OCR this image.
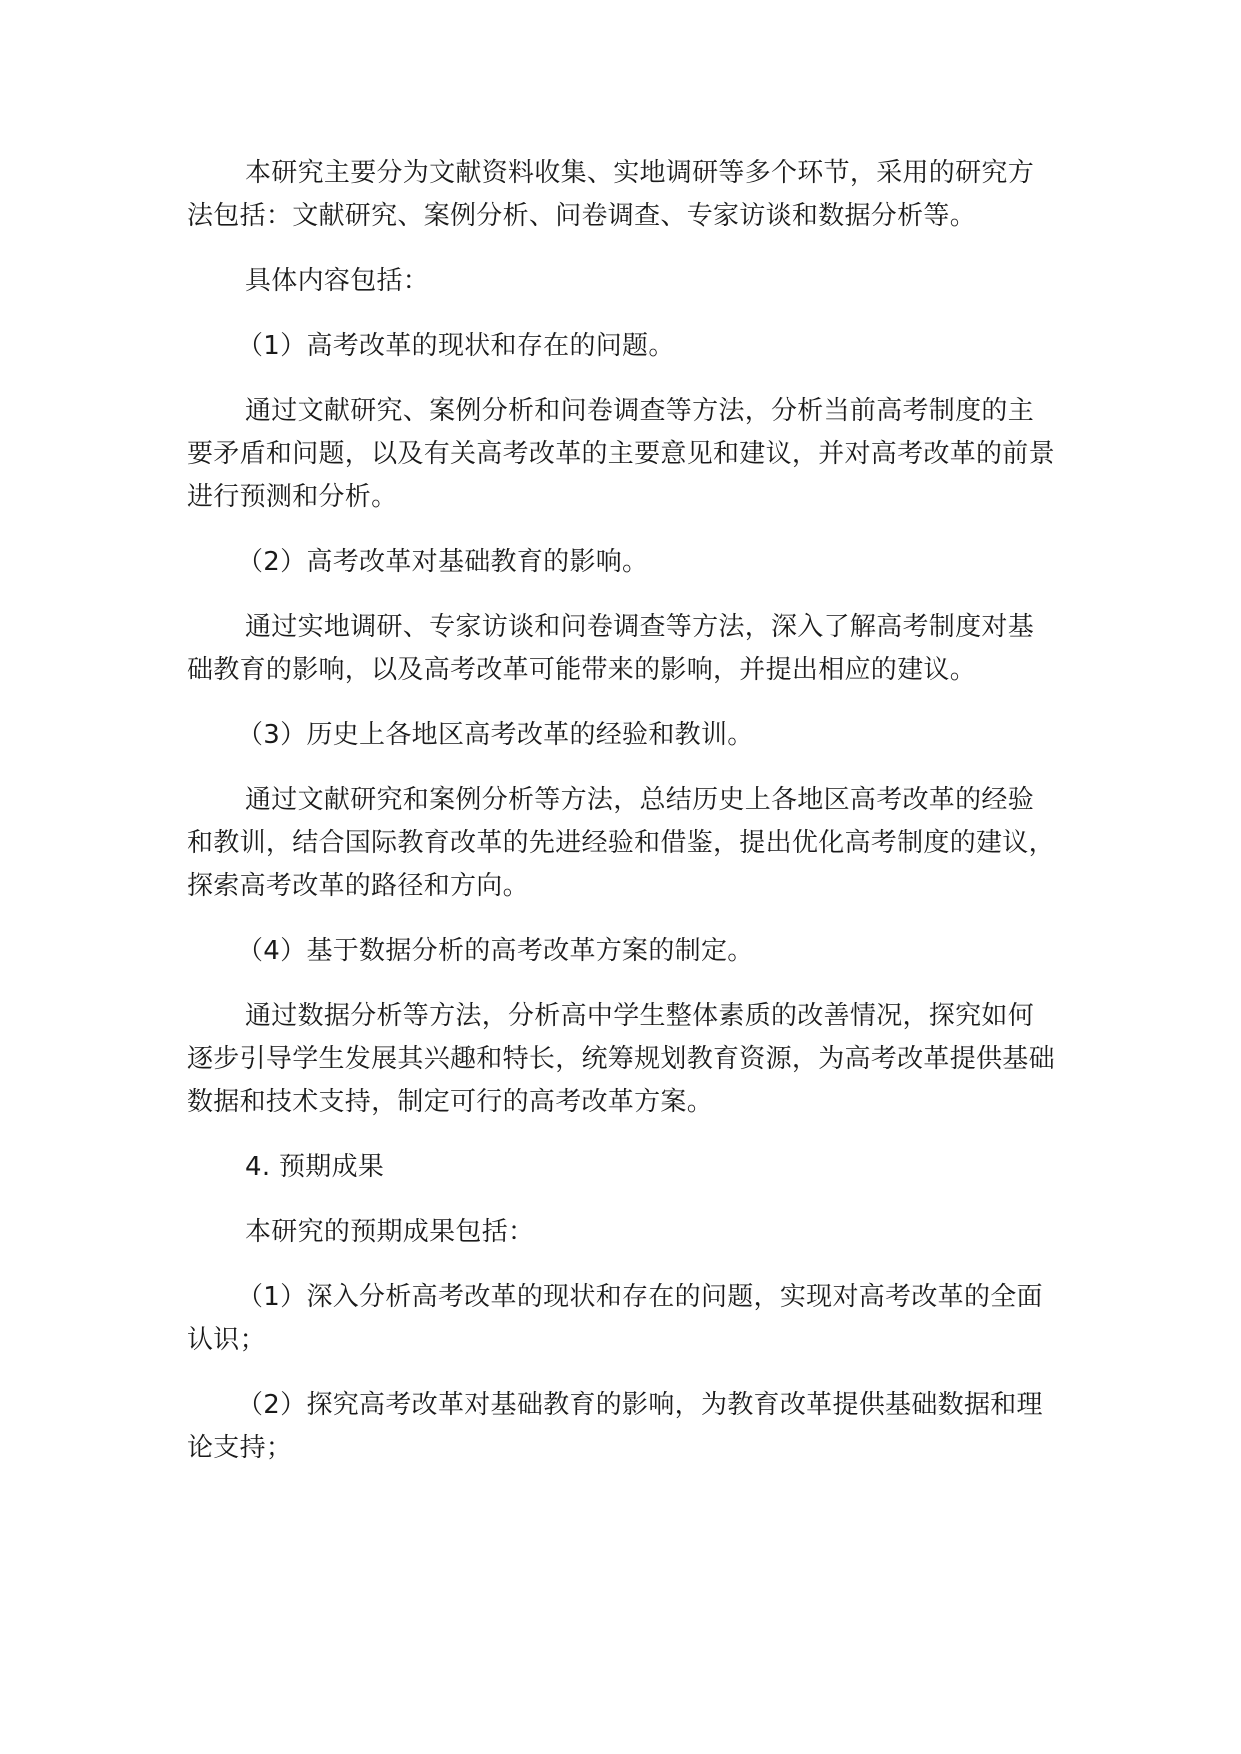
本研究主要分为文献资料收集、实地调研等多个环节，采用的研究方法包括：文献研究、案例分析、问卷调查、专家访谈和数据分析等。

具体内容包括：

（1）高考改革的现状和存在的问题。

通过文献研究、案例分析和问卷调查等方法，分析当前高考制度的主要矛盾和问题，以及有关高考改革的主要意见和建议，并对高考改革的前景进行预测和分析。

（2）高考改革对基础教育的影响。

通过实地调研、专家访谈和问卷调查等方法，深入了解高考制度对基础教育的影响，以及高考改革可能带来的影响，并提出相应的建议。

（3）历史上各地区高考改革的经验和教训。

通过文献研究和案例分析等方法，总结历史上各地区高考改革的经验和教训，结合国际教育改革的先进经验和借鉴，提出优化高考制度的建议，探索高考改革的路径和方向。

（4）基于数据分析的高考改革方案的制定。

通过数据分析等方法，分析高中学生整体素质的改善情况，探究如何逐步引导学生发展其兴趣和特长，统筹规划教育资源，为高考改革提供基础数据和技术支持，制定可行的高考改革方案。

4. 预期成果

本研究的预期成果包括：

（1）深入分析高考改革的现状和存在的问题，实现对高考改革的全面认识；

（2）探究高考改革对基础教育的影响，为教育改革提供基础数据和理论支持；
